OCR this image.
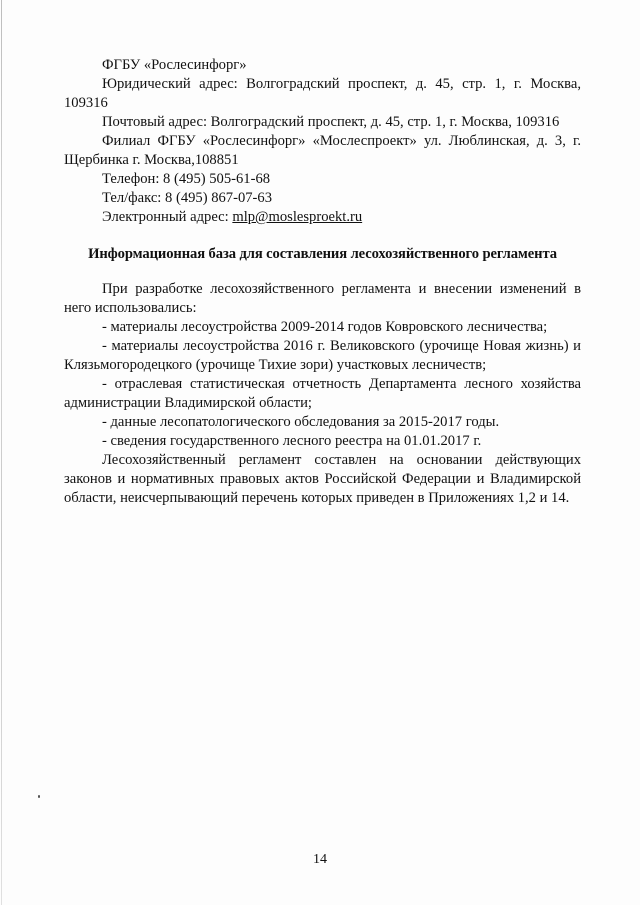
ФГБУ «Рослесинфорг»

Юридический адрес: Волгоградский проспект, д. 45, стр. 1, г. Москва, 109316

Почтовый адрес: Волгоградский проспект, д. 45, стр. 1, г. Москва, 109316

Филиал ФГБУ «Рослесинфорг» «Мослеспроект» ул. Люблинская, д. 3, г. Щербинка г. Москва,108851

Телефон: 8 (495) 505-61-68

Тел/факс: 8 (495) 867-07-63

Электронный адрес: mlp@moslesproekt.ru

Информационная база для составления лесохозяйственного регламента

При разработке лесохозяйственного регламента и внесении изменений в него использовались:

- материалы лесоустройства 2009-2014 годов Ковровского лесничества;

- материалы лесоустройства 2016 г. Великовского (урочище Новая жизнь) и Клязьмогородецкого (урочище Тихие зори) участковых лесничеств;

- отраслевая статистическая отчетность Департамента лесного хозяйства администрации Владимирской области;

- данные лесопатологического обследования за 2015-2017 годы.

- сведения государственного лесного реестра на 01.01.2017 г.

Лесохозяйственный регламент составлен на основании действующих законов и нормативных правовых актов Российской Федерации и Владимирской области, неисчерпывающий перечень которых приведен в Приложениях 1,2 и 14.

14
